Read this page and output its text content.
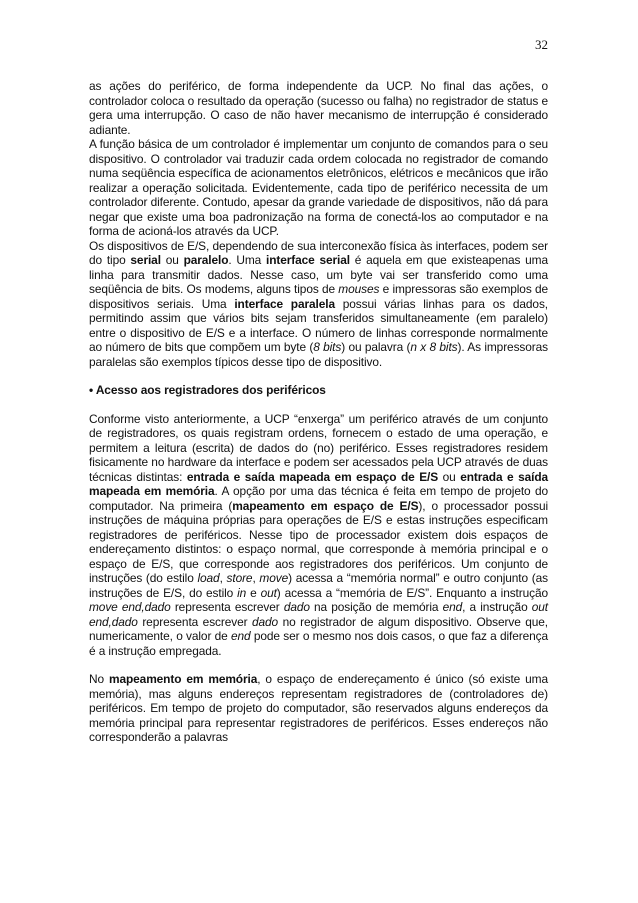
32

as ações do periférico, de forma independente da UCP. No final das ações, o controlador coloca o resultado da operação (sucesso ou falha) no registrador de status e gera uma interrupção. O caso de não haver mecanismo de interrupção é considerado adiante.

A função básica de um controlador é implementar um conjunto de comandos para o seu dispositivo. O controlador vai traduzir cada ordem colocada no registrador de comando numa seqüência específica de acionamentos eletrônicos, elétricos e mecânicos que irão realizar a operação solicitada. Evidentemente, cada tipo de periférico necessita de um controlador diferente. Contudo, apesar da grande variedade de dispositivos, não dá para negar que existe uma boa padronização na forma de conectá-los ao computador e na forma de acioná-los através da UCP.

Os dispositivos de E/S, dependendo de sua interconexão física às interfaces, podem ser do tipo serial ou paralelo. Uma interface serial é aquela em que existeapenas uma linha para transmitir dados. Nesse caso, um byte vai ser transferido como uma seqüência de bits. Os modems, alguns tipos de mouses e impressoras são exemplos de dispositivos seriais. Uma interface paralela possui várias linhas para os dados, permitindo assim que vários bits sejam transferidos simultaneamente (em paralelo) entre o dispositivo de E/S e a interface. O número de linhas corresponde normalmente ao número de bits que compõem um byte (8 bits) ou palavra (n x 8 bits). As impressoras paralelas são exemplos típicos desse tipo de dispositivo.

• Acesso aos registradores dos periféricos

Conforme visto anteriormente, a UCP “enxerga” um periférico através de um conjunto de registradores, os quais registram ordens, fornecem o estado de uma operação, e permitem a leitura (escrita) de dados do (no) periférico. Esses registradores residem fisicamente no hardware da interface e podem ser acessados pela UCP através de duas técnicas distintas: entrada e saída mapeada em espaço de E/S ou entrada e saída mapeada em memória. A opção por uma das técnica é feita em tempo de projeto do computador. Na primeira (mapeamento em espaço de E/S), o processador possui instruções de máquina próprias para operações de E/S e estas instruções especificam registradores de periféricos. Nesse tipo de processador existem dois espaços de endereçamento distintos: o espaço normal, que corresponde à memória principal e o espaço de E/S, que corresponde aos registradores dos periféricos. Um conjunto de instruções (do estilo load, store, move) acessa a “memória normal” e outro conjunto (as instruções de E/S, do estilo in e out) acessa a “memória de E/S”. Enquanto a instrução move end,dado representa escrever dado na posição de memória end, a instrução out end,dado representa escrever dado no registrador de algum dispositivo. Observe que, numericamente, o valor de end pode ser o mesmo nos dois casos, o que faz a diferença é a instrução empregada.

No mapeamento em memória, o espaço de endereçamento é único (só existe uma memória), mas alguns endereços representam registradores de (controladores de) periféricos. Em tempo de projeto do computador, são reservados alguns endereços da memória principal para representar registradores de periféricos. Esses endereços não corresponderão a palavras
